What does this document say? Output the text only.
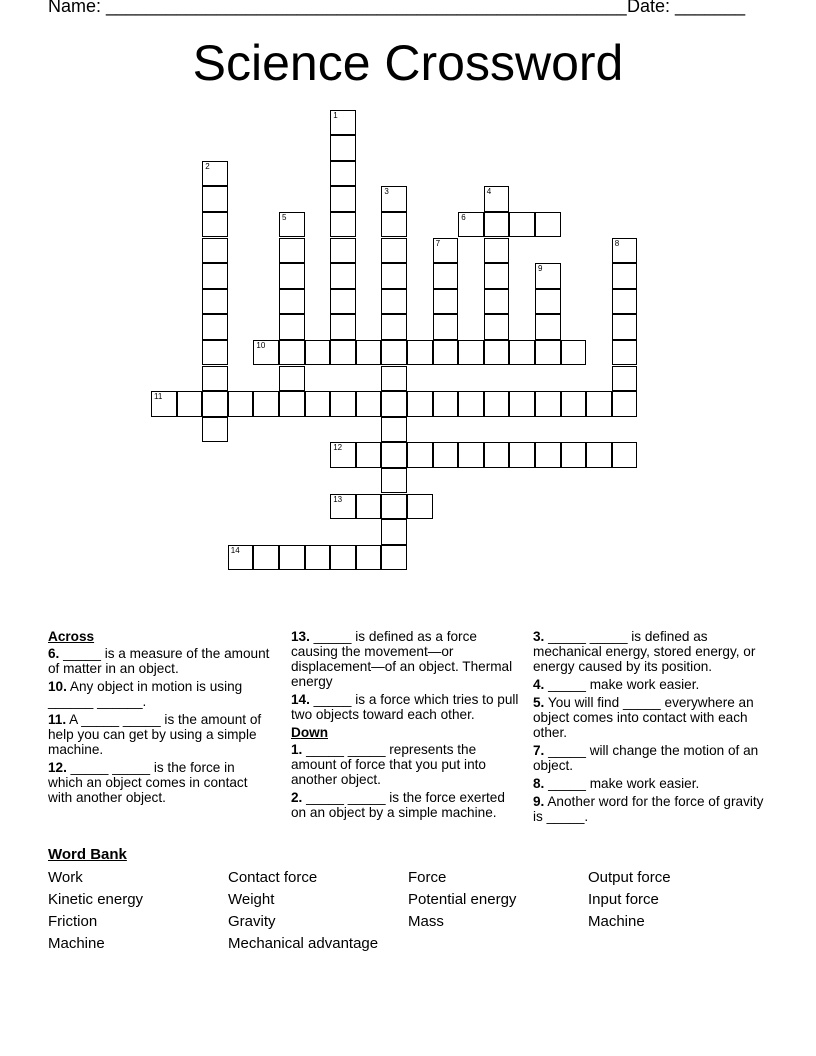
Name: ____________________________________________________ Date: _______
Science Crossword
1
2
3	4
5	6
7	8
9
10
11
12
13
14
Across
6. _____ is a measure of the amount of matter in an object.
10. Any object in motion is using ______ ______.
11. A _____ _____ is the amount of help you can get by using a simple machine.
12. _____ _____ is the force in which an object comes in contact with another object.
13. _____ is defined as a force causing the movement—or displacement—of an object. Thermal energy
14. _____ is a force which tries to pull two objects toward each other.
Down
1. _____ _____ represents the amount of force that you put into another object.
2. _____ _____ is the force exerted on an object by a simple machine.
3. _____ _____ is defined as mechanical energy, stored energy, or energy caused by its position.
4. _____ make work easier.
5. You will find _____ everywhere an object comes into contact with each other.
7. _____ will change the motion of an object.
8. _____ make work easier.
9. Another word for the force of gravity is _____.
Word Bank
Work	Contact force	Force	Output force
Kinetic energy	Weight	Potential energy	Input force
Friction	Gravity	Mass	Machine
Machine	Mechanical advantage
